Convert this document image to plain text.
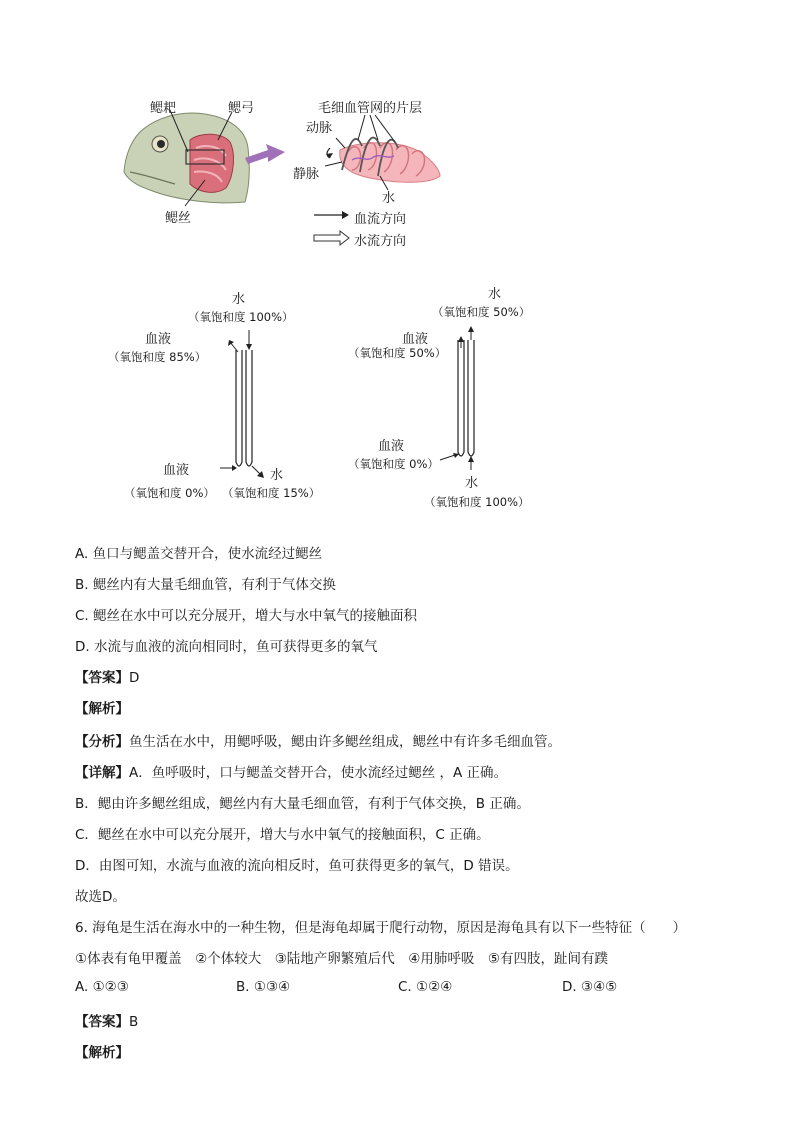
鳃耙	鳃弓
鳃丝
毛细血管网的片层
动脉
静脉
水
血流方向
水流方向
水
（氧饱和度 100%）
血液
（氧饱和度 85%）
血液
（氧饱和度 0%）
水
（氧饱和度 15%）
水
（氧饱和度 50%）
血液
（氧饱和度 50%）
血液
（氧饱和度 0%）
水
（氧饱和度 100%）
A. 鱼口与鳃盖交替开合，使水流经过鳃丝
B. 鳃丝内有大量毛细血管，有利于气体交换
C. 鳃丝在水中可以充分展开，增大与水中氧气的接触面积
D. 水流与血液的流向相同时，鱼可获得更多的氧气
【答案】D
【解析】
【分析】鱼生活在水中，用鳃呼吸，鳃由许多鳃丝组成，鳃丝中有许多毛细血管。
【详解】A．鱼呼吸时，口与鳃盖交替开合，使水流经过鳃丝 ，A 正确。
B．鳃由许多鳃丝组成，鳃丝内有大量毛细血管，有利于气体交换，B 正确。
C．鳃丝在水中可以充分展开，增大与水中氧气的接触面积，C 正确。
D．由图可知，水流与血液的流向相反时，鱼可获得更多的氧气，D 错误。
故选D。
6. 海龟是生活在海水中的一种生物，但是海龟却属于爬行动物，原因是海龟具有以下一些特征（　　）
①体表有龟甲覆盖　②个体较大　③陆地产卵繁殖后代　④用肺呼吸　⑤有四肢，趾间有蹼
A. ①②③	B. ①③④	C. ①②④	D. ③④⑤
【答案】B
【解析】
